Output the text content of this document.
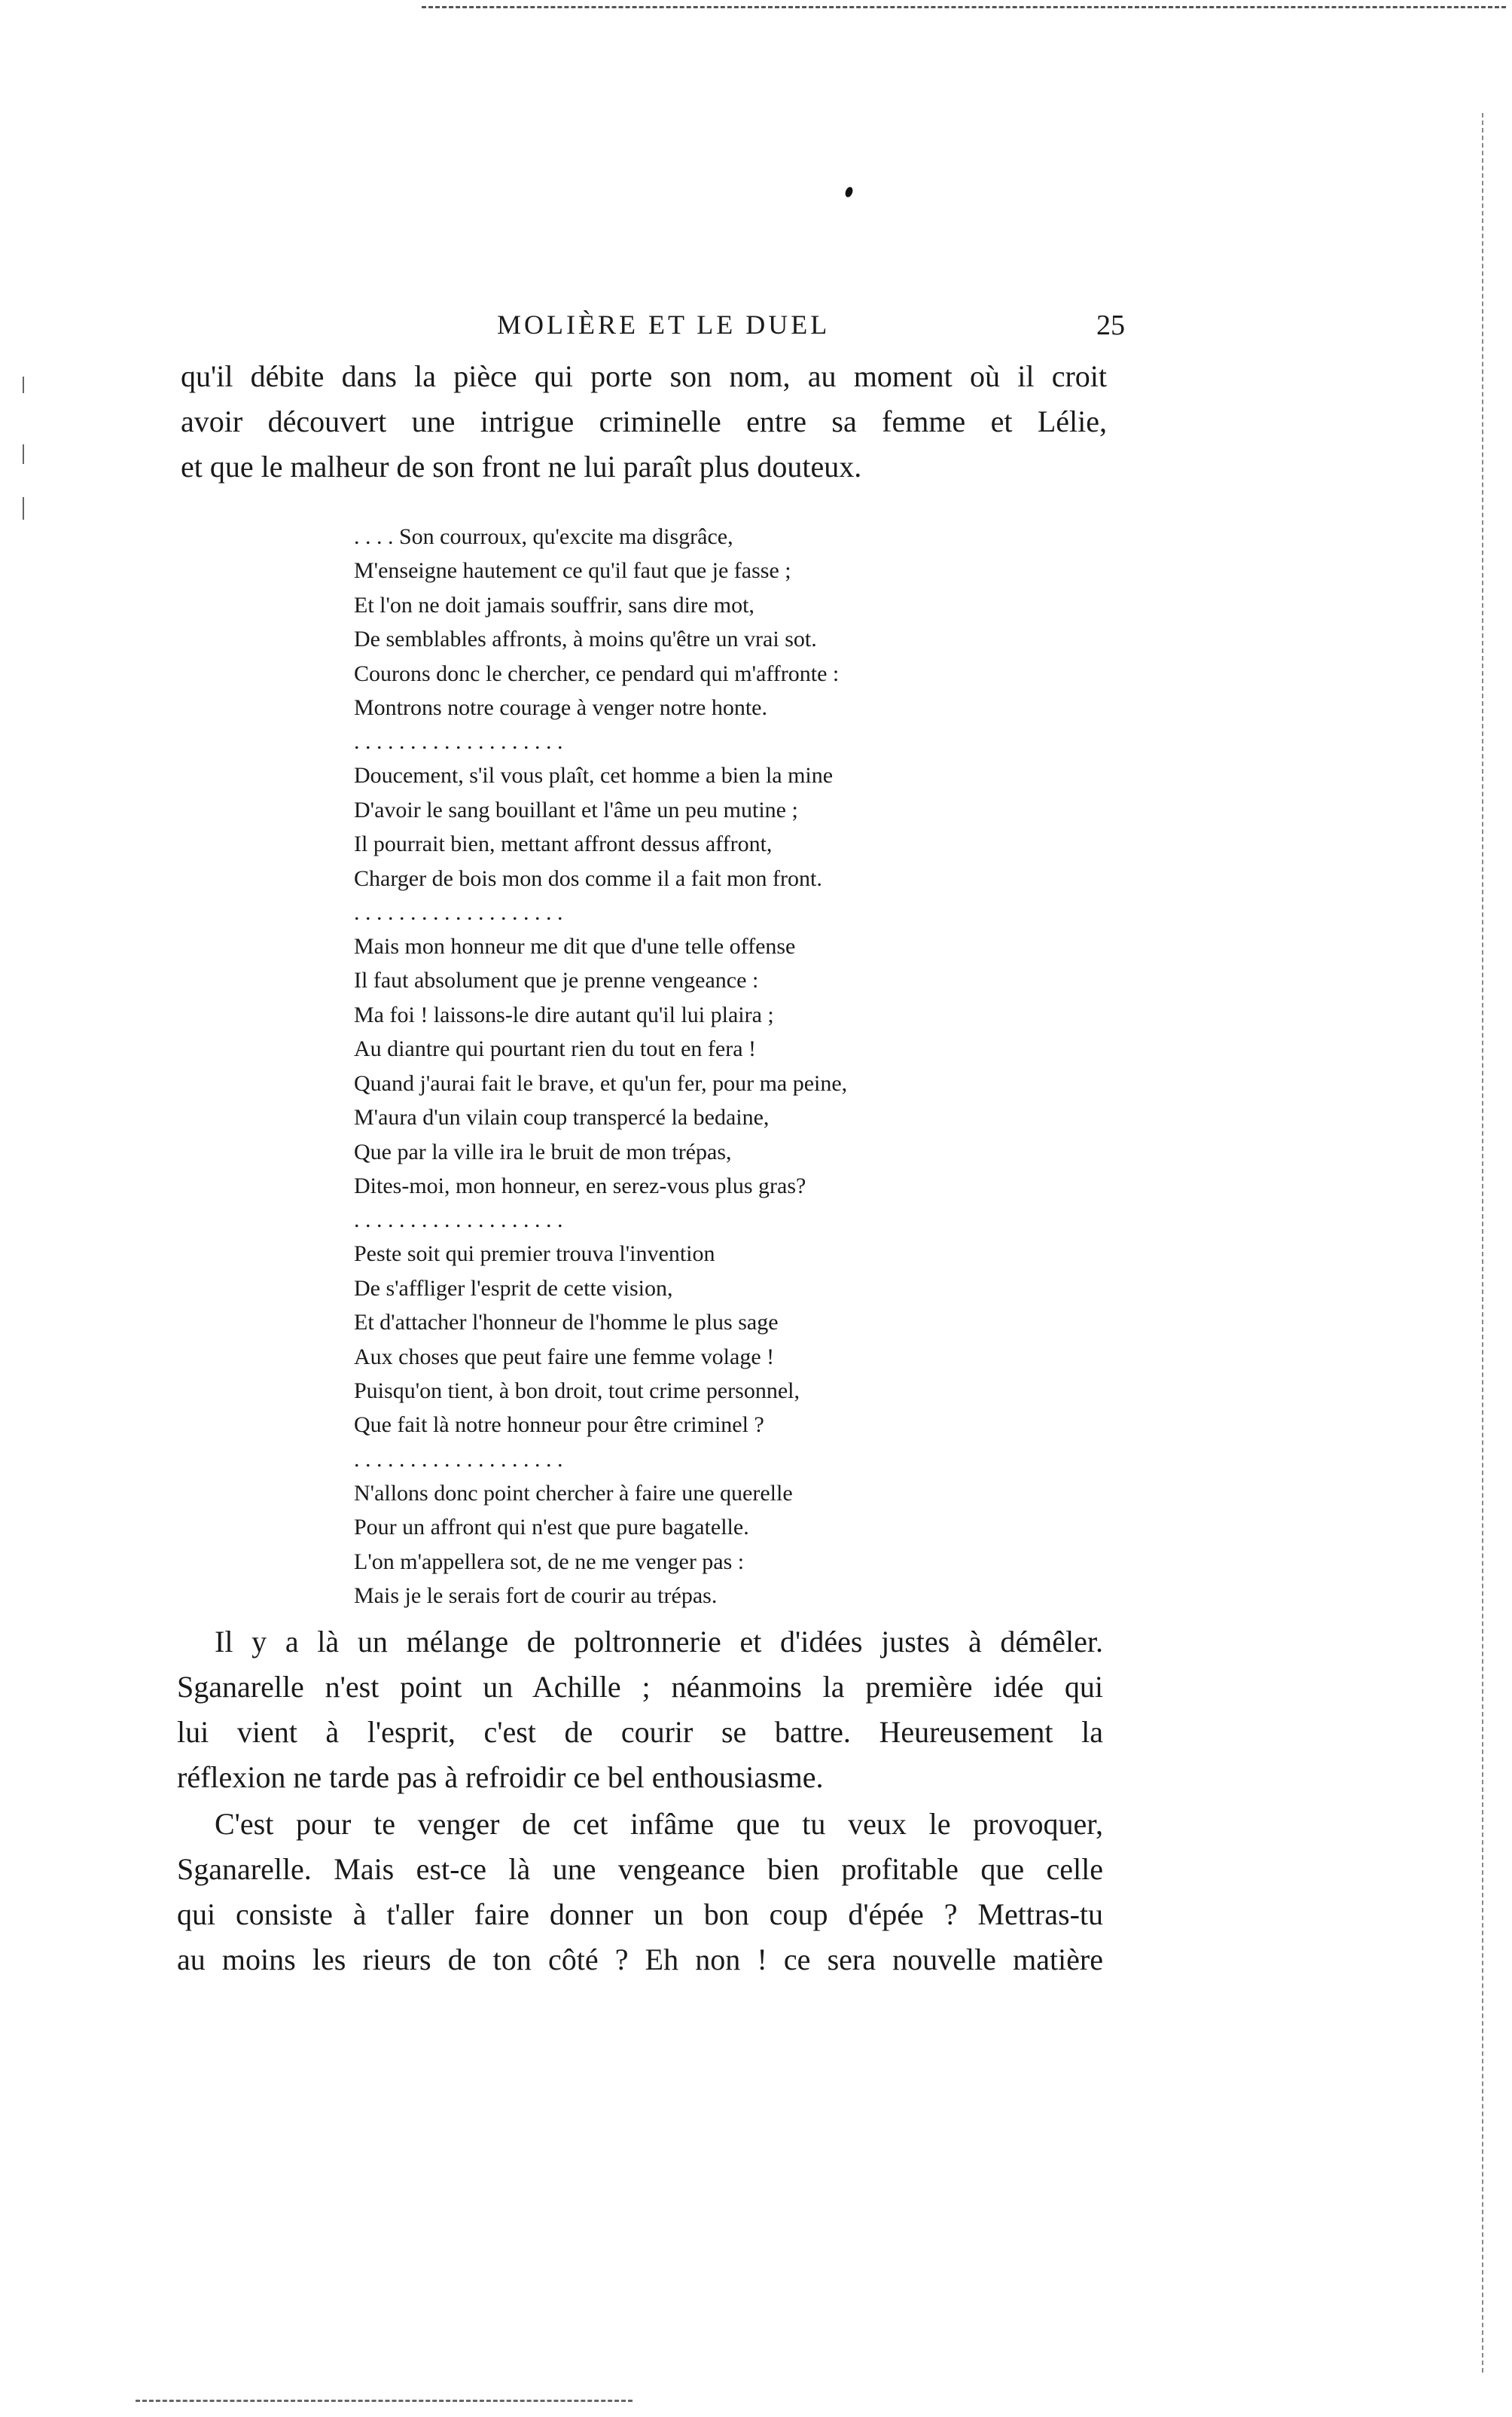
MOLIÈRE ET LE DUEL	25
qu'il débite dans la pièce qui porte son nom, au moment où il croit
avoir découvert une intrigue criminelle entre sa femme et Lélie,
et que le malheur de son front ne lui paraît plus douteux.
. . . . Son courroux, qu'excite ma disgrâce,
M'enseigne hautement ce qu'il faut que je fasse ;
Et l'on ne doit jamais souffrir, sans dire mot,
De semblables affronts, à moins qu'être un vrai sot.
Courons donc le chercher, ce pendard qui m'affronte :
Montrons notre courage à venger notre honte.
. . . . . . . . . . . . . . . . . . .
Doucement, s'il vous plaît, cet homme a bien la mine
D'avoir le sang bouillant et l'âme un peu mutine ;
Il pourrait bien, mettant affront dessus affront,
Charger de bois mon dos comme il a fait mon front.
. . . . . . . . . . . . . . . . . . .
Mais mon honneur me dit que d'une telle offense
Il faut absolument que je prenne vengeance :
Ma foi ! laissons-le dire autant qu'il lui plaira ;
Au diantre qui pourtant rien du tout en fera !
Quand j'aurai fait le brave, et qu'un fer, pour ma peine,
M'aura d'un vilain coup transpercé la bedaine,
Que par la ville ira le bruit de mon trépas,
Dites-moi, mon honneur, en serez-vous plus gras?
. . . . . . . . . . . . . . . . . . .
Peste soit qui premier trouva l'invention
De s'affliger l'esprit de cette vision,
Et d'attacher l'honneur de l'homme le plus sage
Aux choses que peut faire une femme volage !
Puisqu'on tient, à bon droit, tout crime personnel,
Que fait là notre honneur pour être criminel ?
. . . . . . . . . . . . . . . . . . .
N'allons donc point chercher à faire une querelle
Pour un affront qui n'est que pure bagatelle.
L'on m'appellera sot, de ne me venger pas :
Mais je le serais fort de courir au trépas.
Il y a là un mélange de poltronnerie et d'idées justes à démêler.
Sganarelle n'est point un Achille ; néanmoins la première idée qui
lui vient à l'esprit, c'est de courir se battre. Heureusement la
réflexion ne tarde pas à refroidir ce bel enthousiasme.
C'est pour te venger de cet infâme que tu veux le provoquer,
Sganarelle. Mais est-ce là une vengeance bien profitable que celle
qui consiste à t'aller faire donner un bon coup d'épée ? Mettras-tu
au moins les rieurs de ton côté ? Eh non ! ce sera nouvelle matière
